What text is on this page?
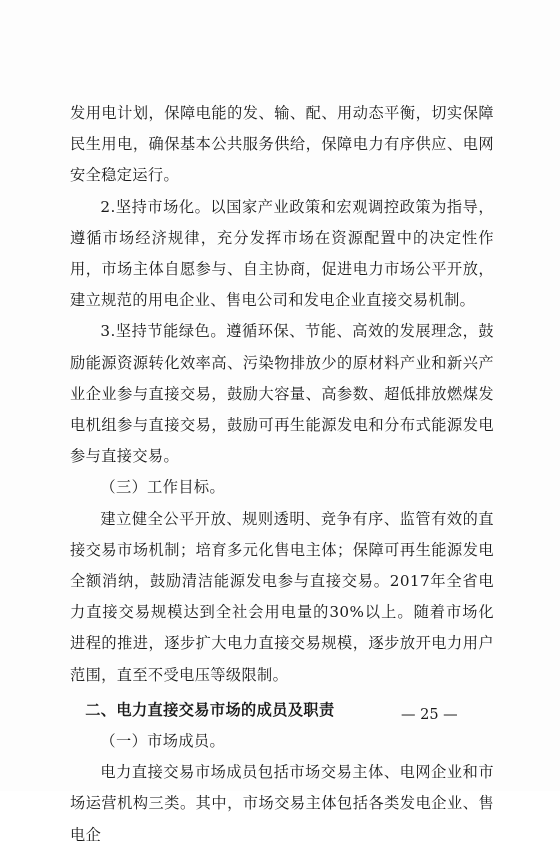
发用电计划，保障电能的发、输、配、用动态平衡，切实保障民生用电，确保基本公共服务供给，保障电力有序供应、电网安全稳定运行。

2.坚持市场化。以国家产业政策和宏观调控政策为指导，遵循市场经济规律，充分发挥市场在资源配置中的决定性作用，市场主体自愿参与、自主协商，促进电力市场公平开放，建立规范的用电企业、售电公司和发电企业直接交易机制。

3.坚持节能绿色。遵循环保、节能、高效的发展理念，鼓励能源资源转化效率高、污染物排放少的原材料产业和新兴产业企业参与直接交易，鼓励大容量、高参数、超低排放燃煤发电机组参与直接交易，鼓励可再生能源发电和分布式能源发电参与直接交易。

（三）工作目标。

建立健全公平开放、规则透明、竞争有序、监管有效的直接交易市场机制；培育多元化售电主体；保障可再生能源发电全额消纳，鼓励清洁能源发电参与直接交易。2017年全省电力直接交易规模达到全社会用电量的30%以上。随着市场化进程的推进，逐步扩大电力直接交易规模，逐步放开电力用户范围，直至不受电压等级限制。

二、电力直接交易市场的成员及职责

（一）市场成员。

电力直接交易市场成员包括市场交易主体、电网企业和市场运营机构三类。其中，市场交易主体包括各类发电企业、售电企

— 25 —
